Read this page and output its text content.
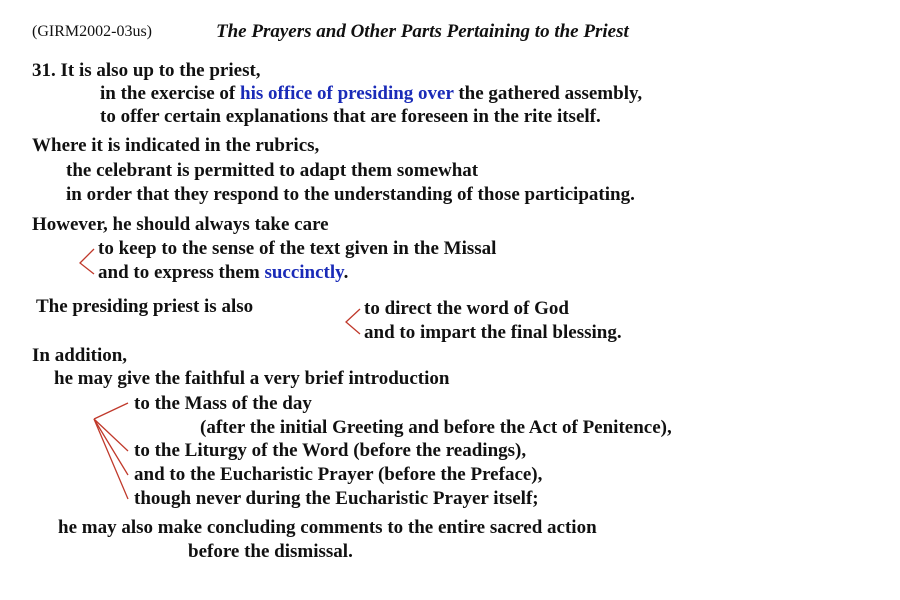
(GIRM2002-03us)	The Prayers and Other Parts Pertaining to the Priest
31. It is also up to the priest,
in the exercise of his office of presiding over the gathered assembly,
to offer certain explanations that are foreseen in the rite itself.
Where it is indicated in the rubrics,
the celebrant is permitted to adapt them somewhat
in order that they respond to the understanding of those participating.
However, he should always take care
to keep to the sense of the text given in the Missal
and to express them succinctly.
The presiding priest is also	to direct the word of God
and to impart the final blessing.
In addition,
he may give the faithful a very brief introduction
to the Mass of the day
(after the initial Greeting and before the Act of Penitence),
to the Liturgy of the Word (before the readings),
and to the Eucharistic Prayer (before the Preface),
though never during the Eucharistic Prayer itself;
he may also make concluding comments to the entire sacred action
before the dismissal.
